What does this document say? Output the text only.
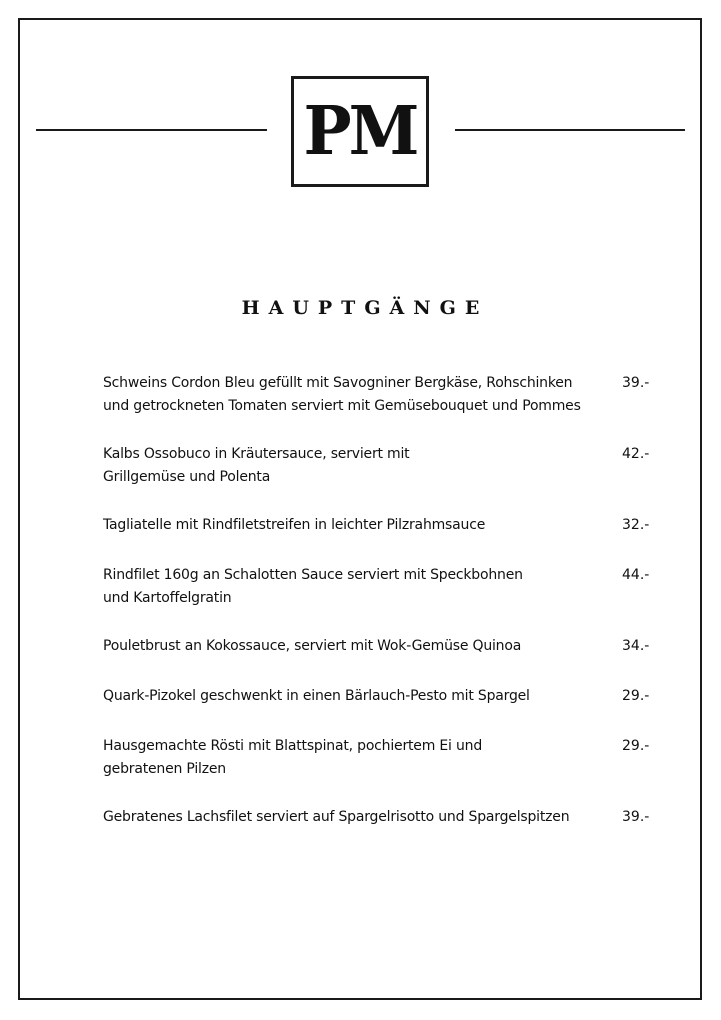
PM
HAUPTGÄNGE
Schweins Cordon Bleu gefüllt mit Savogniner Bergkäse, Rohschinken
und getrockneten Tomaten serviert mit Gemüsebouquet und Pommes
39.-
Kalbs Ossobuco in Kräutersauce, serviert mit
Grillgemüse und Polenta
42.-
Tagliatelle mit Rindfiletstreifen in leichter Pilzrahmsauce	32.-
Rindfilet 160g an Schalotten Sauce serviert mit Speckbohnen
und Kartoffelgratin
44.-
Pouletbrust an Kokossauce, serviert mit Wok-Gemüse Quinoa	34.-
Quark-Pizokel geschwenkt in einen Bärlauch-Pesto mit Spargel	29.-
Hausgemachte Rösti mit Blattspinat, pochiertem Ei und
gebratenen Pilzen
29.-
Gebratenes Lachsfilet serviert auf Spargelrisotto und Spargelspitzen	39.-
